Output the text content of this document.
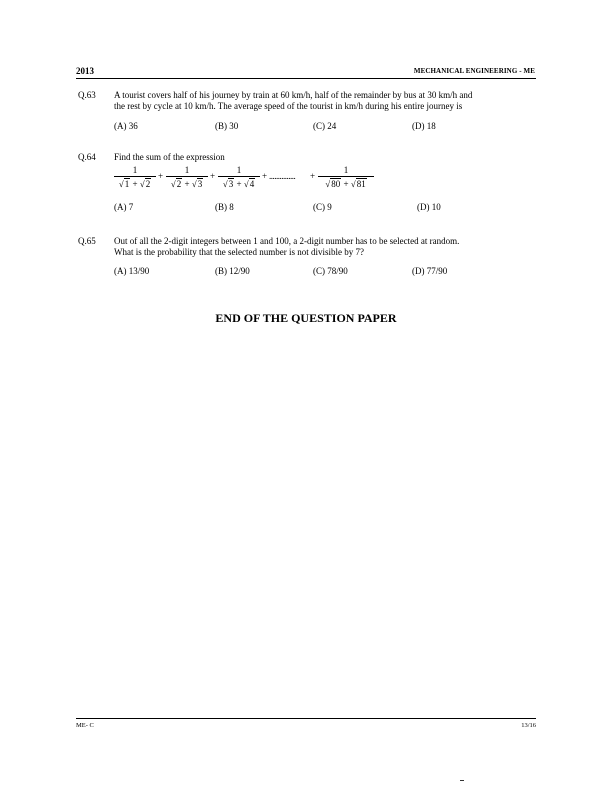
2013	MECHANICAL ENGINEERING - ME
Q.63 A tourist covers half of his journey by train at 60 km/h, half of the remainder by bus at 30 km/h and
the rest by cycle at 10 km/h. The average speed of the tourist in km/h during his entire journey is
(A) 36	(B) 30	(C) 24	(D) 18
Q.64 Find the sum of the expression
1
√1 + √2
+
1
√2 + √3
+
1
√3 + √4
+ ............... +
1
√80 + √81
(A) 7	(B) 8	(C) 9	(D) 10
Q.65 Out of all the 2-digit integers between 1 and 100, a 2-digit number has to be selected at random.
What is the probability that the selected number is not divisible by 7?
(A) 13/90	(B) 12/90	(C) 78/90	(D) 77/90
END OF THE QUESTION PAPER
ME- C	13/16
